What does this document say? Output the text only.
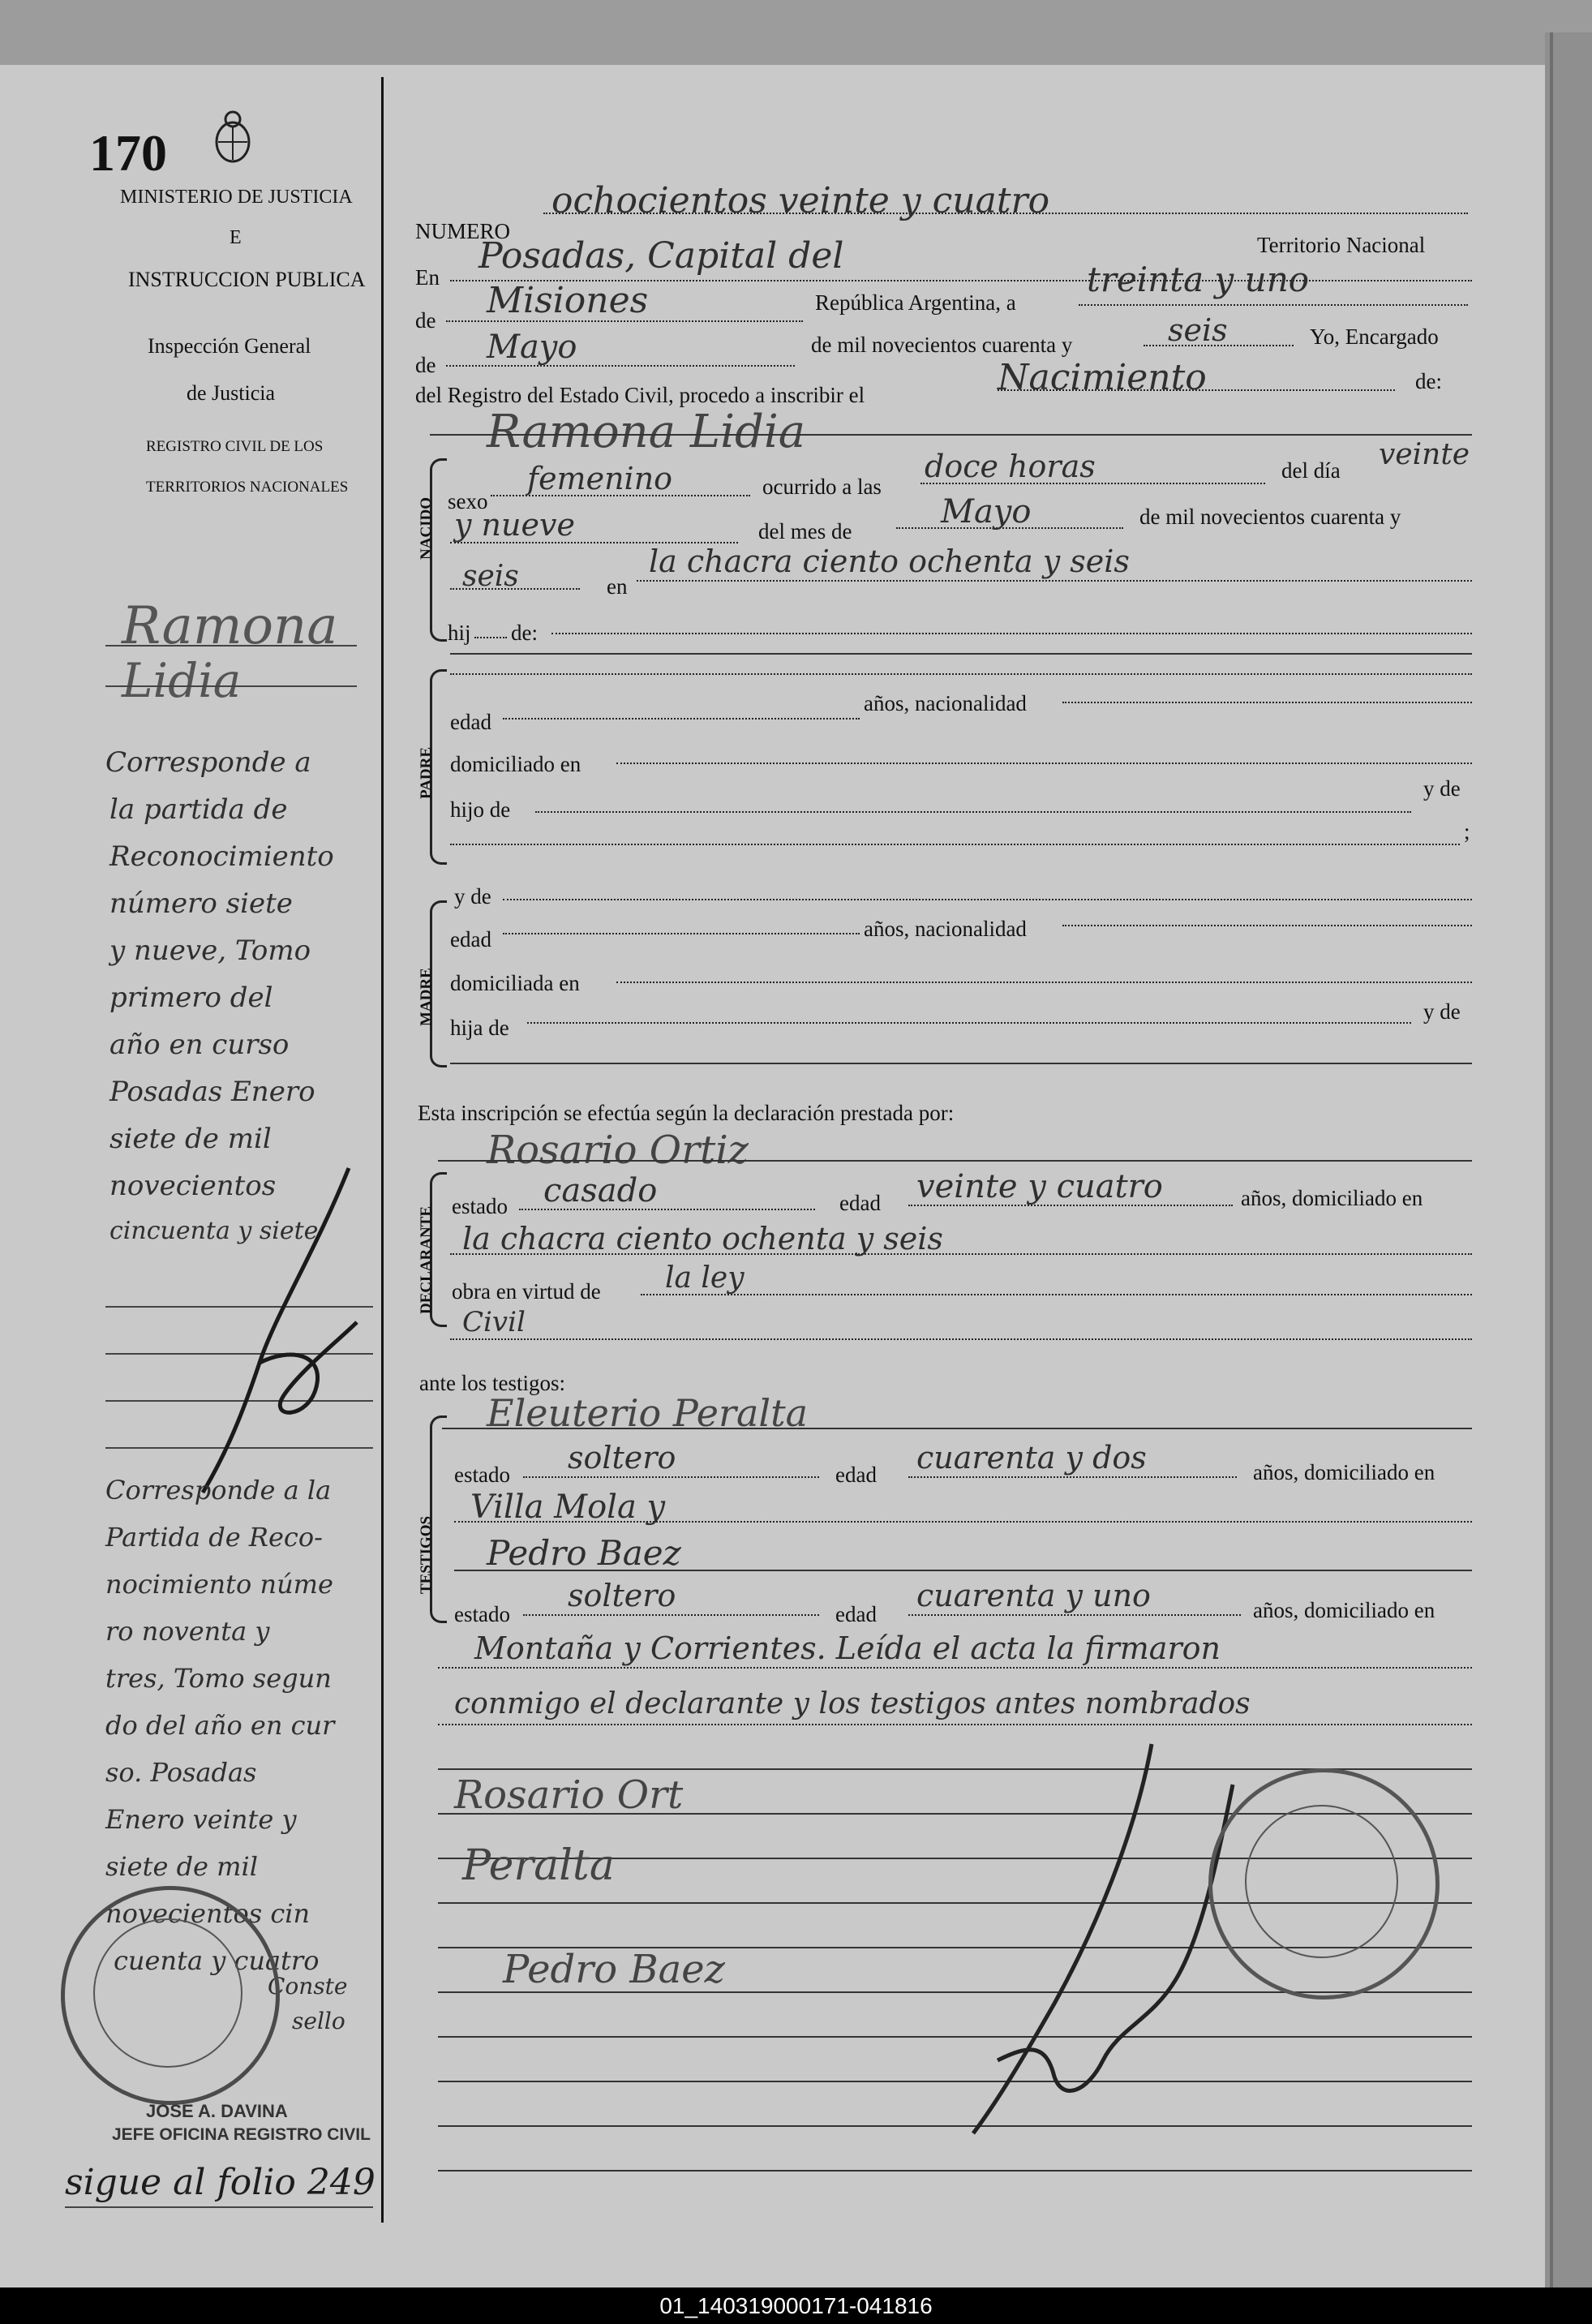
170
MINISTERIO DE JUSTICIA
E
INSTRUCCION PUBLICA
Inspección General
de Justicia
REGISTRO CIVIL DE LOS
TERRITORIOS NACIONALES
Ramona
Lidia
Corresponde a
la partida de
Reconocimiento
número siete
y nueve, Tomo
primero del
año en curso
Posadas Enero
siete de mil
novecientos
cincuenta y siete
Corresponde a la
Partida de Reco-
nocimiento núme
ro noventa y
tres, Tomo segun
do del año en cur
so. Posadas
Enero veinte y
siete de mil
novecientos cin
cuenta y cuatro
Conste
sello
JOSE A. DAVINA
JEFE OFICINA REGISTRO CIVIL
sigue al folio 249
NUMERO
ochocientos veinte y cuatro
Territorio Nacional
En
Posadas, Capital del
de Misiones	República Argentina, a
treinta y uno
de Mayo	de mil novecientos cuarenta y	seis	Yo, Encargado
del Registro del Estado Civil, procedo a inscribir el	Nacimiento	de:
Ramona Lidia
NACIDO sexo
femenino	ocurrido a las
doce horas	del día veinte
y nueve	del mes de
Mayo	de mil novecientos cuarenta y
seis	en
la chacra ciento ochenta y seis
hij de:
PADRE
edad
años, nacionalidad
domiciliado en
hijo de
y de
;
y de
MADRE
edad	años, nacionalidad
domiciliada en
hija de
y de
Esta inscripción se efectúa según la declaración prestada por:
Rosario Ortiz
DECLARANTE estado casado	edad veinte y cuatro	años, domiciliado en
la chacra ciento ochenta y seis
obra en virtud de la ley
Civil
ante los testigos:
Eleuterio Peralta
TESTIGOS
estado soltero	edad cuarenta y dos	años, domiciliado en
Villa Mola y
Pedro Baez
estado
soltero
edad
cuarenta y uno	años, domiciliado en
Montaña y Corrientes. Leída el acta la firmaron
conmigo el declarante y los testigos antes nombrados
Rosario Ort
Peralta
Pedro Baez
01_140319000171-041816
